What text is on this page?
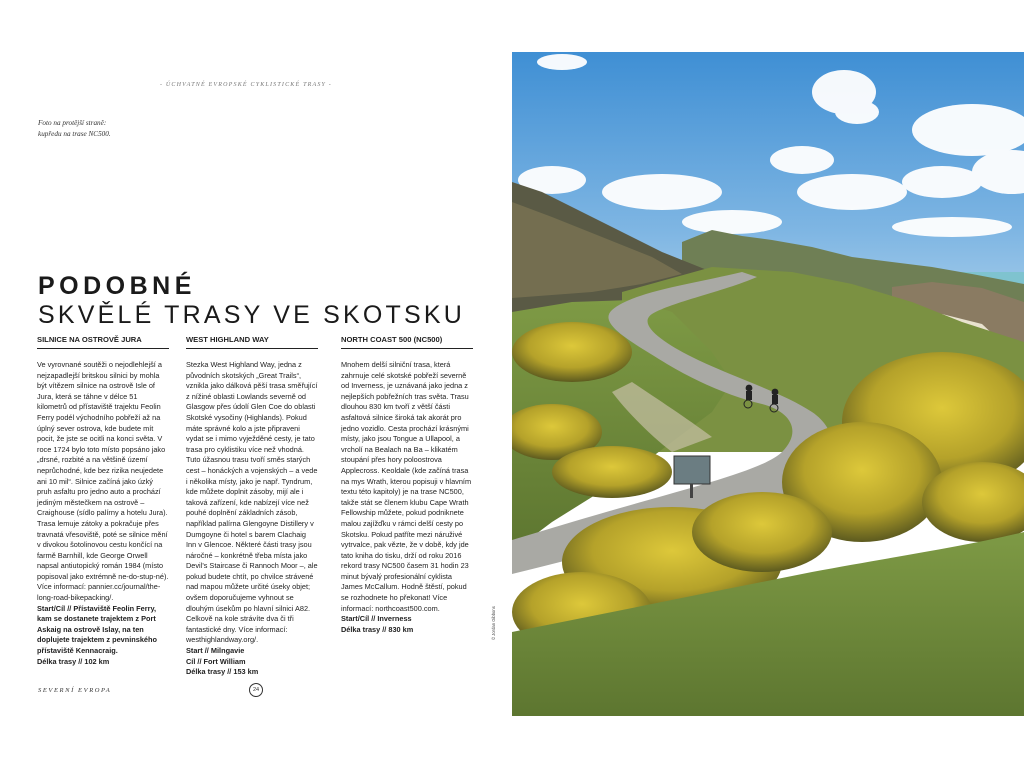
- ÚCHVATNÉ EVROPSKÉ CYKLISTICKÉ TRASY -
Foto na protější straně: kupředu na trase NC500.
PODOBNÉ
SKVĚLÉ TRASY VE SKOTSKU
SILNICE NA OSTROVĚ JURA

Ve vyrovnané soutěži o nejodlehlejší a nejzapadlejší britskou silnici by mohla být vítězem silnice na ostrově Isle of Jura, která se táhne v délce 51 kilometrů od přístaviště trajektu Feolin Ferry podél východního pobřeží až na úplný sever ostrova, kde budete mít pocit, že jste se ocitli na konci světa. V roce 1724 bylo toto místo popsáno jako „drsné, rozbité a na většině území neprůchodné, kde bez rizika neujedete ani 10 mil“. Silnice začíná jako úzký pruh asfaltu pro jedno auto a prochází jediným městečkem na ostrově – Craighouse (sídlo palírny a hotelu Jura). Trasa lemuje zátoky a pokračuje přes travnatá vřesoviště, poté se silnice mění v divokou šotolinovou cestu končící na farmě Barnhill, kde George Orwell napsal antiutopický román 1984 (místo popisoval jako extrémně ne-do-stup-né). Více informací: pannier.cc/journal/the-long-road-bikepacking/.

Start/Cíl // Přístaviště Feolin Ferry, kam se dostanete trajektem z Port Askaig na ostrově Islay, na ten doplujete trajektem z pevninského přístaviště Kennacraig.

Délka trasy // 102 km

WEST HIGHLAND WAY

Stezka West Highland Way, jedna z původních skotských „Great Trails“, vznikla jako dálková pěší trasa směřující z nížiné oblasti Lowlands severně od Glasgow přes údolí Glen Coe do oblasti Skotské vysočiny (Highlands). Pokud máte správné kolo a jste připraveni vydat se i mimo vyježděné cesty, je tato trasa pro cyklistiku více než vhodná. Tuto úžasnou trasu tvoří směs starých cest – honáckých a vojenských – a vede i několika místy, jako je např. Tyndrum, kde můžete doplnit zásoby, mijí ale i taková zařízení, kde nabízejí více než pouhé doplnění základních zásob, například palírna Glengoyne Distillery v Dumgoyne či hotel s barem Clachaig Inn v Glencoe. Některé části trasy jsou náročné – konkrétně třeba místa jako Devil's Staircase či Rannoch Moor –, ale pokud budete chtít, po chvilce strávené nad mapou můžete určité úseky objet; ovšem doporučujeme vyhnout se dlouhým úsekům po hlavní silnici A82. Celkově na kole strávíte dva či tři fantastické dny. Více informací: westhighlandway.org/.

Start // Milngavie

Cíl // Fort William

Délka trasy // 153 km

NORTH COAST 500 (NC500)

Mnohem delší silniční trasa, která zahrnuje celé skotské pobřeží severně od Inverness, je uznávaná jako jedna z nejlepších pobřežních tras světa. Trasu dlouhou 830 km tvoří z větší části asfaltová silnice široká tak akorát pro jedno vozidlo. Cesta prochází krásnými místy, jako jsou Tongue a Ullapool, a vrcholí na Bealach na Ba – klikatém stoupání přes hory poloostrova Applecross. Keoldale (kde začíná trasa na mys Wrath, kterou popisuji v hlavním textu této kapitoly) je na trase NC500, takže stát se členem klubu Cape Wrath Fellowship můžete, pokud podniknete malou zajížďku v rámci delší cesty po Skotsku. Pokud patříte mezi náruživé vytrvalce, pak vězte, že v době, kdy jde tato kniha do tisku, drží od roku 2016 rekord trasy NC500 časem 31 hodin 23 minut bývalý profesionální cyklista James McCallum. Hodně štěstí, pokud se rozhodnete ho překonat! Více informací: northcoast500.com.

Start/Cíl // Inverness

Délka trasy // 830 km

SEVERNÍ EVROPA	24
© Jordan Gibbons
